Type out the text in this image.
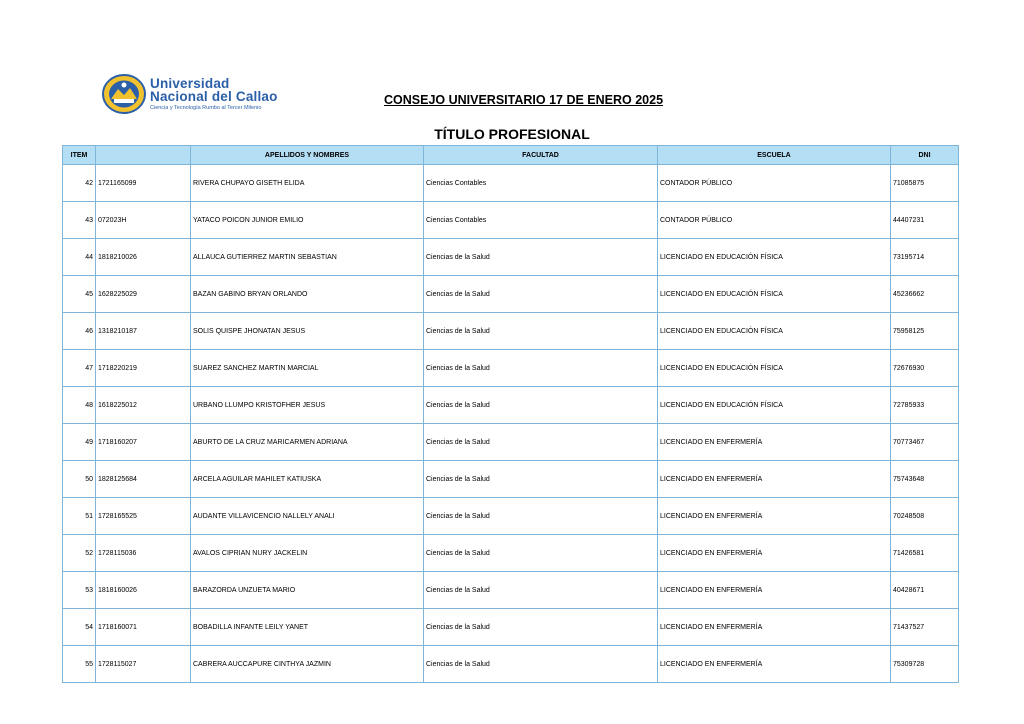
Universidad
Nacional del Callao
Ciencia y Tecnología Rumbo al Tercer Milenio
CONSEJO UNIVERSITARIO 17 DE ENERO 2025
TÍTULO PROFESIONAL
ITEM		APELLIDOS Y NOMBRES	FACULTAD	ESCUELA	DNI
42	1721165099	RIVERA CHUPAYO GISETH ELIDA	Ciencias Contables	CONTADOR PÚBLICO	71085875
43	072023H	YATACO POICON JUNIOR EMILIO	Ciencias Contables	CONTADOR PÚBLICO	44407231
44	1818210026	ALLAUCA GUTIERREZ MARTIN SEBASTIAN	Ciencias de la Salud	LICENCIADO EN EDUCACIÓN FÍSICA	73195714
45	1628225029	BAZAN GABINO BRYAN ORLANDO	Ciencias de la Salud	LICENCIADO EN EDUCACIÓN FÍSICA	45236662
46	1318210187	SOLIS QUISPE JHONATAN JESUS	Ciencias de la Salud	LICENCIADO EN EDUCACIÓN FÍSICA	75958125
47	1718220219	SUAREZ SANCHEZ MARTIN MARCIAL	Ciencias de la Salud	LICENCIADO EN EDUCACIÓN FÍSICA	72676930
48	1618225012	URBANO LLUMPO KRISTOFHER JESUS	Ciencias de la Salud	LICENCIADO EN EDUCACIÓN FÍSICA	72785933
49	1718160207	ABURTO DE LA CRUZ MARICARMEN ADRIANA	Ciencias de la Salud	LICENCIADO EN ENFERMERÍA	70773467
50	1828125684	ARCELA AGUILAR MAHILET KATIUSKA	Ciencias de la Salud	LICENCIADO EN ENFERMERÍA	75743648
51	1728165525	AUDANTE VILLAVICENCIO NALLELY ANALI	Ciencias de la Salud	LICENCIADO EN ENFERMERÍA	70248508
52	1728115036	AVALOS CIPRIAN NURY JACKELIN	Ciencias de la Salud	LICENCIADO EN ENFERMERÍA	71426581
53	1818160026	BARAZORDA UNZUETA MARIO	Ciencias de la Salud	LICENCIADO EN ENFERMERÍA	40428671
54	1718160071	BOBADILLA INFANTE LEILY YANET	Ciencias de la Salud	LICENCIADO EN ENFERMERÍA	71437527
55	1728115027	CABRERA AUCCAPURE CINTHYA JAZMIN	Ciencias de la Salud	LICENCIADO EN ENFERMERÍA	75309728
